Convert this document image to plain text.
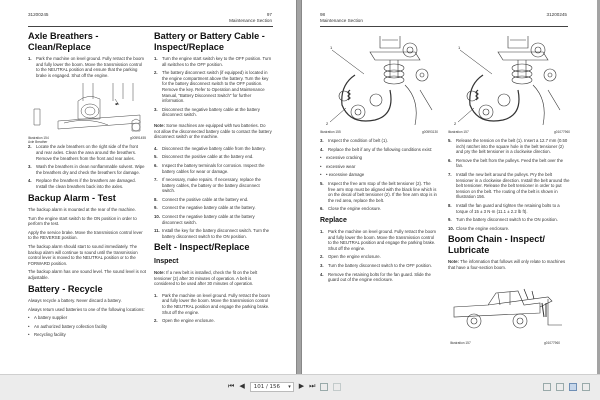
31200245	97
Maintenance Section
Axle Breathers - Clean/Replace
1.	Park the machine on level ground. Fully retract the boom and fully lower the boom. Move the transmission control to the NEUTRAL position and ensure that the parking brake is engaged. Shut off the engine.
Illustration 154
Axle Breather
g00591455
2.	Locate the axle breathers on the right side of the front and rear axles. Clean the area around the breathers. Remove the breathers from the front and rear axles.
3.	Wash the breathers in clean nonflammable solvent. Wipe the breathers dry and check the breathers for damage.
4.	Replace the breathers if the breathers are damaged. Install the clean breathers back into the axles.
Backup Alarm - Test
The backup alarm is mounted at the rear of the machine.
Turn the engine start switch to the ON position in order to perform the test.
Apply the service brake. Move the transmission control lever to the REVERSE position.
The backup alarm should start to sound immediately. The backup alarm will continue to sound until the transmission control lever is moved to the NEUTRAL position or to the FORWARD position.
The backup alarm has one sound level. The sound level is not adjustable.
Battery - Recycle
Always recycle a battery. Never discard a battery.
Always return used batteries to one of the following locations:
•	A battery supplier
•	An authorized battery collection facility
•	Recycling facility
Battery or Battery Cable - Inspect/Replace
1.	Turn the engine start switch key to the OFF position. Turn all switches to the OFF position.
2.	The battery disconnect switch (if equipped) is located in the engine compartment above the battery. Turn the key for the battery disconnect switch to the OFF position. Remove the key. Refer to Operation and Maintenance Manual, "Battery Disconnect Switch" for further information.
3.	Disconnect the negative battery cable at the battery disconnect switch.
Note: Some machines are equipped with two batteries. Do not allow the disconnected battery cable to contact the battery disconnect switch or the machine.
4.	Disconnect the negative battery cable from the battery.
5.	Disconnect the positive cable at the battery end.
6.	Inspect the battery terminals for corrosion. Inspect the battery cables for wear or damage.
7.	If necessary, make repairs. If necessary, replace the battery cables, the battery or the battery disconnect switch.
8.	Connect the positive cable at the battery end.
9.	Connect the negative battery cable at the battery.
10. Connect the negative battery cable at the battery disconnect switch.
11. Install the key for the battery disconnect switch. Turn the battery disconnect switch to the ON position.
Belt - Inspect/Replace
Inspect
Note: If a new belt is installed, check the fit on the belt tensioner (2) after 30 minutes of operation. A belt is considered to be used after 30 minutes of operation.
1.	Park the machine on level ground. Fully retract the boom and fully lower the boom. Move the transmission control to the NEUTRAL position and engage the parking brake. Shut off the engine.
2.	Open the engine enclosure.
98
Maintenance Section
31200245
1
2
Illustration 155	g00593130
3.	Inspect the condition of belt (1).
4.	Replace the belt if any of the following conditions exist:
•	excessive cracking
•	excessive wear
•	• excessive damage
5.	Inspect the free arm stop of the belt tensioner (2). The free arm stop must be aligned with the black line which is on the decal of belt tensioner (2). If the free arm stop is in the red area, replace the belt.
6.	Close the engine enclosure.
Replace
1.	Park the machine on level ground. Fully retract the boom and fully lower the boom. Move the transmission control to the NEUTRAL position and engage the parking brake. Shut off the engine.
2.	Open the engine enclosure.
3.	Turn the battery disconnect switch to the OFF position.
4.	Remove the retaining bolts for the fan guard. Slide the guard out of the engine enclosure.
1
2
Illustration 157	g01077960
5.	Release the tension on the belt (1). Insert a 12.7 mm (0.50 inch) ratchet into the square hole in the belt tensioner (2) and pry the belt tensioner in a clockwise direction.
6.	Remove the belt from the pulleys. Feed the belt over the fan.
7.	Install the new belt around the pulleys. Pry the belt tensioner in a clockwise direction. Install the belt around the belt tensioner. Release the belt tensioner in order to put tension on the belt. The routing of the belt is shown in Illustration 156.
8.	Install the fan guard and tighten the retaining bolts to a torque of 15 ± 3 N·m (11.1 ± 2.2 lb ft).
9.	Turn the battery disconnect switch to the ON position.
10. Close the engine enclosure.
Boom Chain - Inspect/ Lubricate
Note: The information that follows will only relate to machines that have a four-section boom.
Illustration 157	g01077960
⏮ ◀	101 / 156 ▾ ▶ ⏭
